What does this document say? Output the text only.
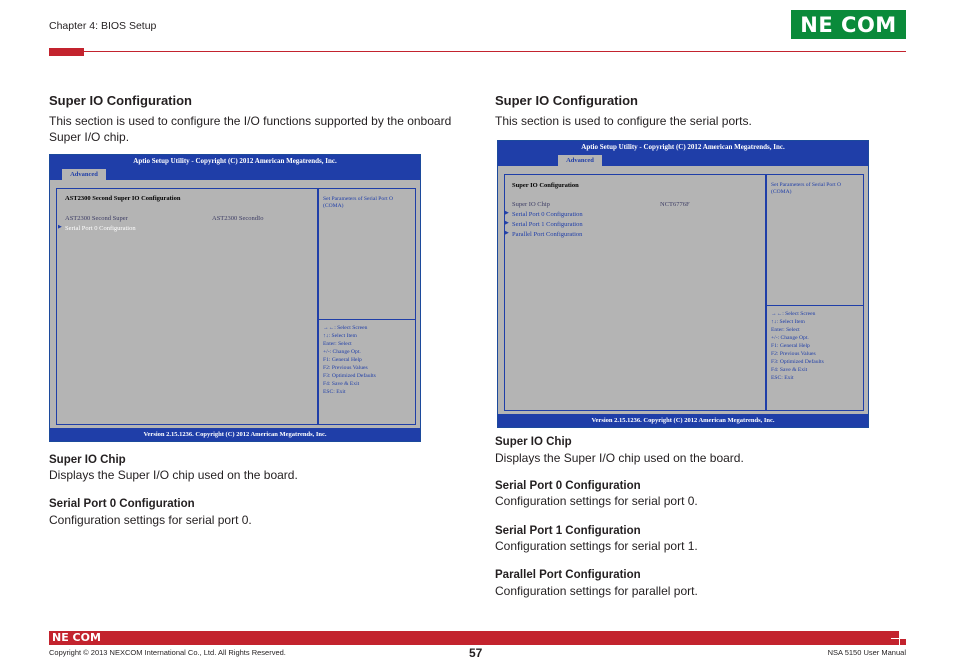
Chapter 4: BIOS Setup	NE COM
Super IO Configuration
This section is used to configure the I/O functions supported by the onboard Super I/O chip.
Aptio Setup Utility - Copyright (C) 2012 American Megatrends, Inc.
Advanced
AST2300 Second Super IO Configuration
AST2300 Second Super	AST2300 SecondIo
▶ Serial Port 0 Configuration
Set Parameters of Serial Port O (COMA)
→←: Select Screen
↑↓: Select Item
Enter: Select
+/-: Change Opt.
F1: General Help
F2: Previous Values
F3: Optimized Defaults
F4: Save & Exit
ESC: Exit
Version 2.15.1236. Copyright (C) 2012 American Megatrends, Inc.
Super IO Chip
Displays the Super I/O chip used on the board.
Serial Port 0 Configuration
Configuration settings for serial port 0.
Super IO Configuration
This section is used to configure the serial ports.
Aptio Setup Utility - Copyright (C) 2012 American Megatrends, Inc.
Advanced
Super IO Configuration
Super IO Chip	NCT6776F
▶ Serial Port 0 Configuration
▶ Serial Port 1 Configuration
▶ Parallel Port Configuration
Set Parameters of Serial Port O (COMA)
→←: Select Screen
↑↓: Select Item
Enter: Select
+/-: Change Opt.
F1: General Help
F2: Previous Values
F3: Optimized Defaults
F4: Save & Exit
ESC: Exit
Version 2.15.1236. Copyright (C) 2012 American Megatrends, Inc.
Super IO Chip
Displays the Super I/O chip used on the board.
Serial Port 0 Configuration
Configuration settings for serial port 0.
Serial Port 1 Configuration
Configuration settings for serial port 1.
Parallel Port Configuration
Configuration settings for parallel port.
NE COM
Copyright © 2013 NEXCOM International Co., Ltd. All Rights Reserved.	57	NSA 5150 User Manual
